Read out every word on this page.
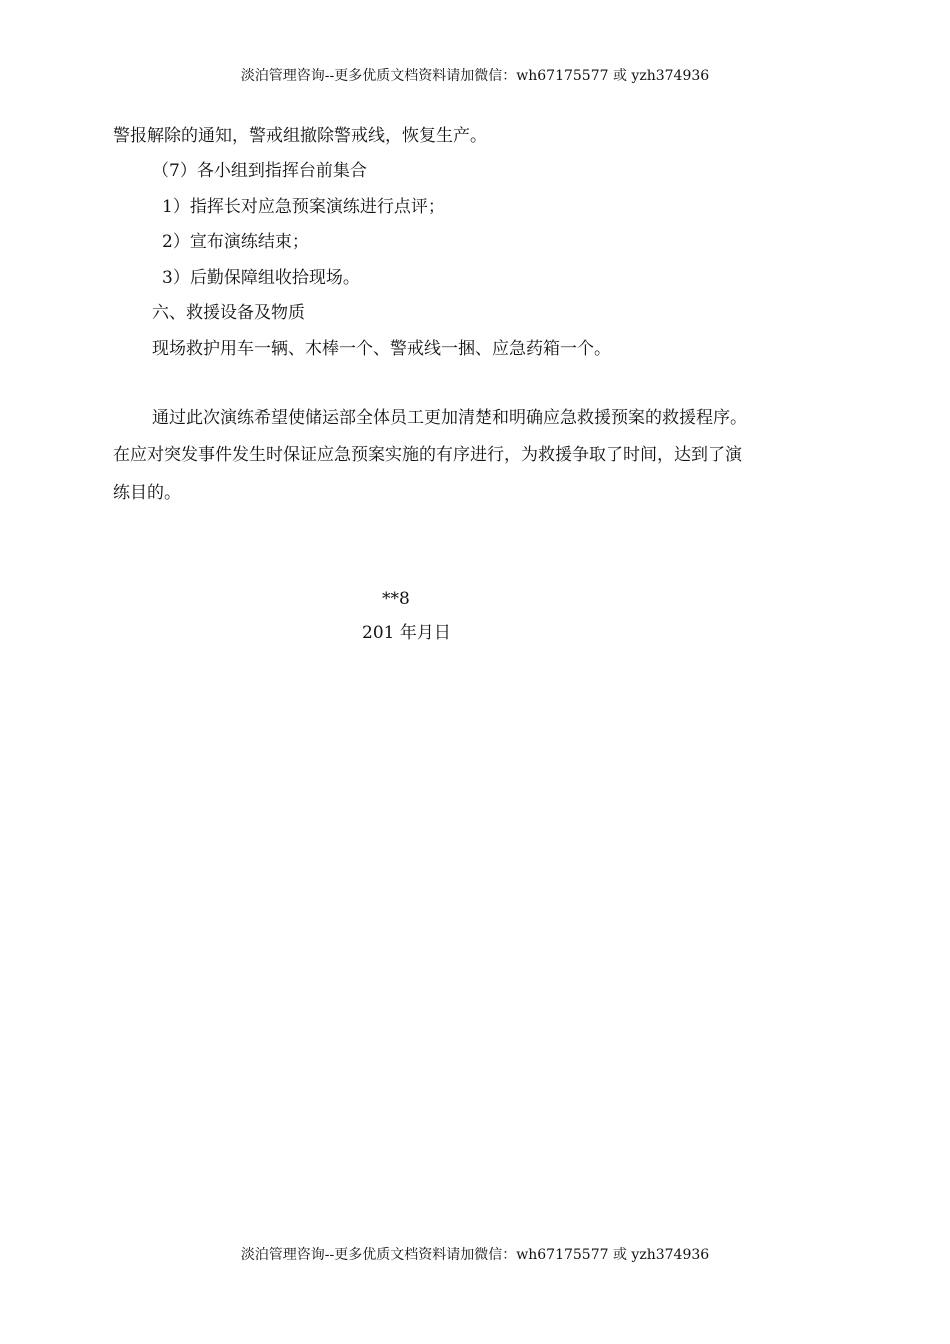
淡泊管理咨询--更多优质文档资料请加微信：wh67175577 或 yzh374936
警报解除的通知，警戒组撤除警戒线，恢复生产。
（7）各小组到指挥台前集合
1）指挥长对应急预案演练进行点评；
2）宣布演练结束；
3）后勤保障组收拾现场。
六、救援设备及物质
现场救护用车一辆、木棒一个、警戒线一捆、应急药箱一个。
通过此次演练希望使储运部全体员工更加清楚和明确应急救援预案的救援程序。
在应对突发事件发生时保证应急预案实施的有序进行，为救援争取了时间，达到了演
练目的。
**8
201 年月日
淡泊管理咨询--更多优质文档资料请加微信：wh67175577 或 yzh374936
